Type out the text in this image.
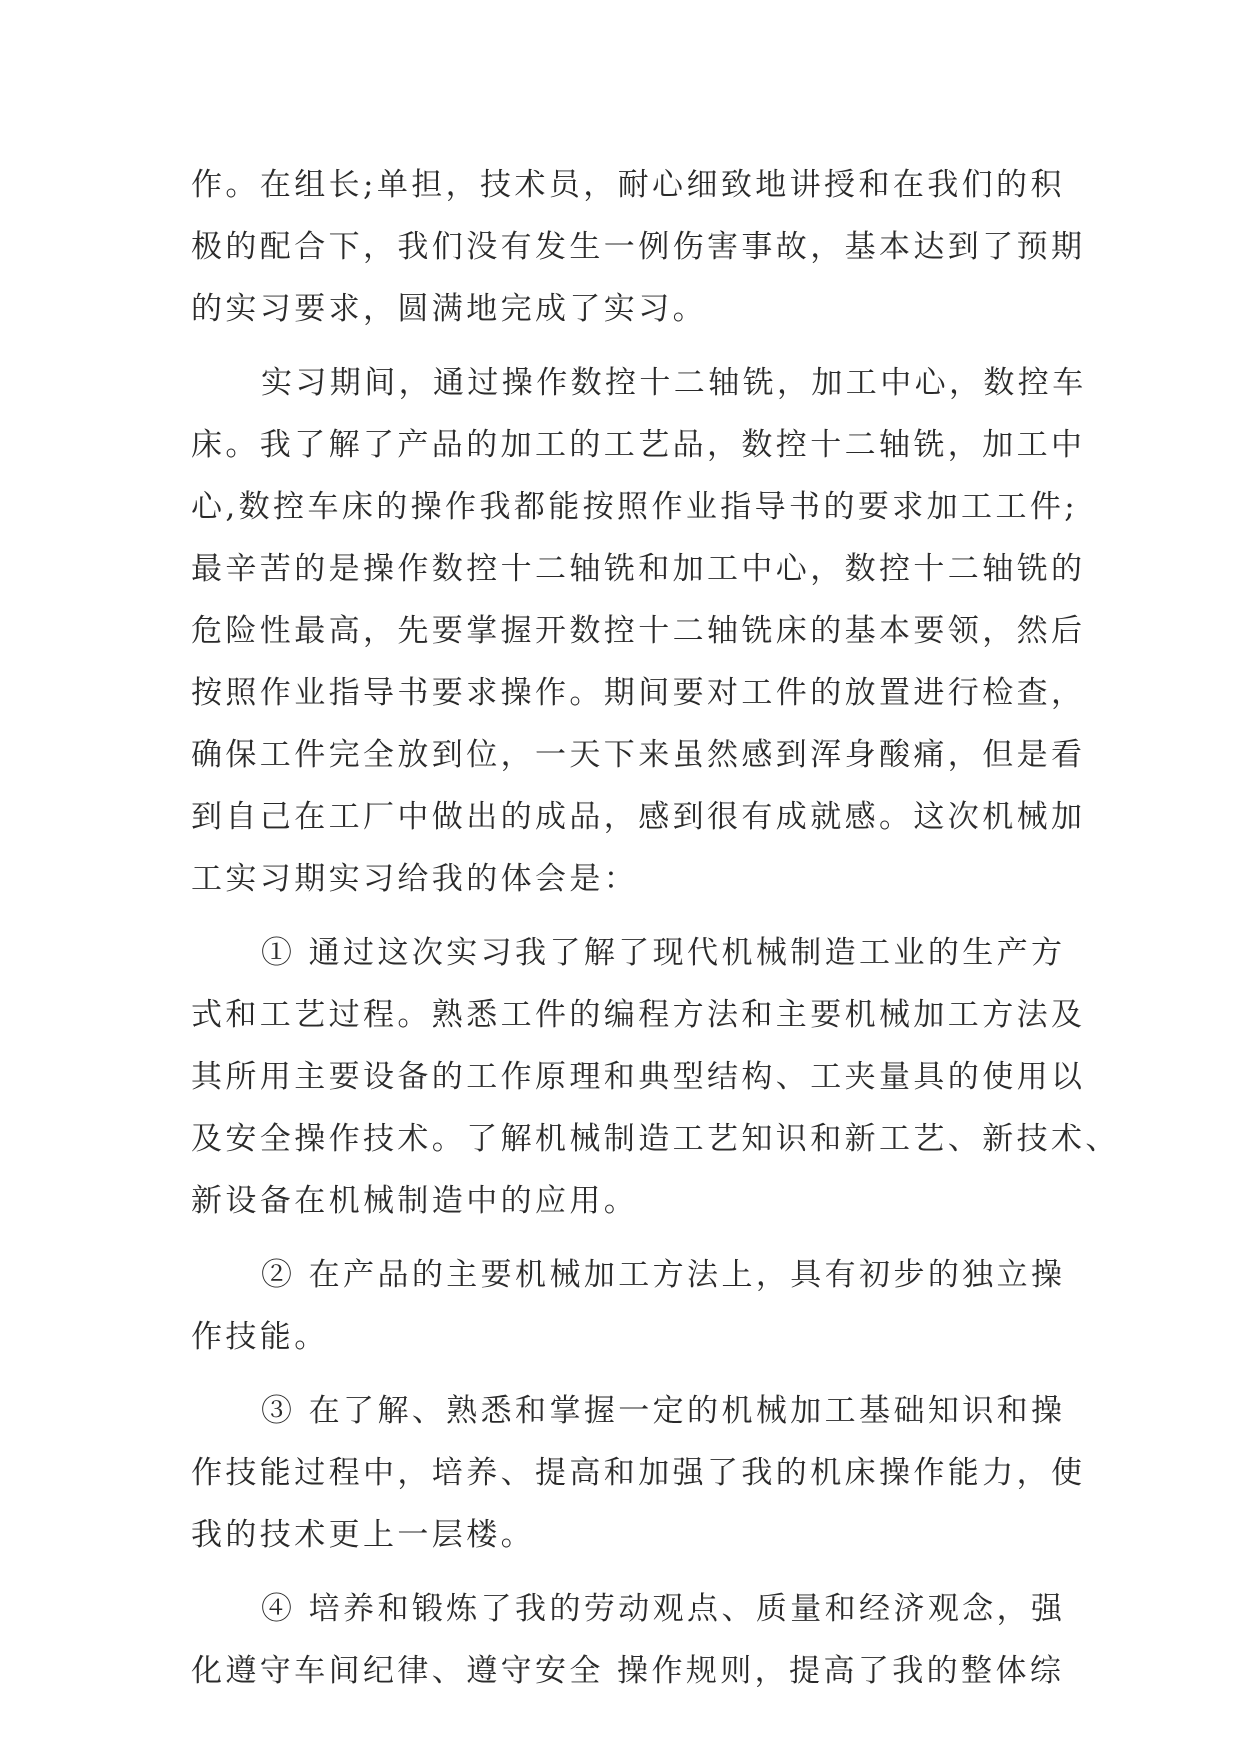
作。在组长;单担，技术员，耐心细致地讲授和在我们的积
极的配合下，我们没有发生一例伤害事故，基本达到了预期
的实习要求，圆满地完成了实习。
实习期间，通过操作数控十二轴铣，加工中心，数控车
床。我了解了产品的加工的工艺品，数控十二轴铣，加工中
心,数控车床的操作我都能按照作业指导书的要求加工工件;
最辛苦的是操作数控十二轴铣和加工中心，数控十二轴铣的
危险性最高，先要掌握开数控十二轴铣床的基本要领，然后
按照作业指导书要求操作。期间要对工件的放置进行检查，
确保工件完全放到位，一天下来虽然感到浑身酸痛，但是看
到自己在工厂中做出的成品，感到很有成就感。这次机械加
工实习期实习给我的体会是：
① 通过这次实习我了解了现代机械制造工业的生产方
式和工艺过程。熟悉工件的编程方法和主要机械加工方法及
其所用主要设备的工作原理和典型结构、工夹量具的使用以
及安全操作技术。了解机械制造工艺知识和新工艺、新技术、
新设备在机械制造中的应用。
② 在产品的主要机械加工方法上，具有初步的独立操
作技能。
③ 在了解、熟悉和掌握一定的机械加工基础知识和操
作技能过程中，培养、提高和加强了我的机床操作能力，使
我的技术更上一层楼。
④ 培养和锻炼了我的劳动观点、质量和经济观念，强
化遵守车间纪律、遵守安全 操作规则，提高了我的整体综
